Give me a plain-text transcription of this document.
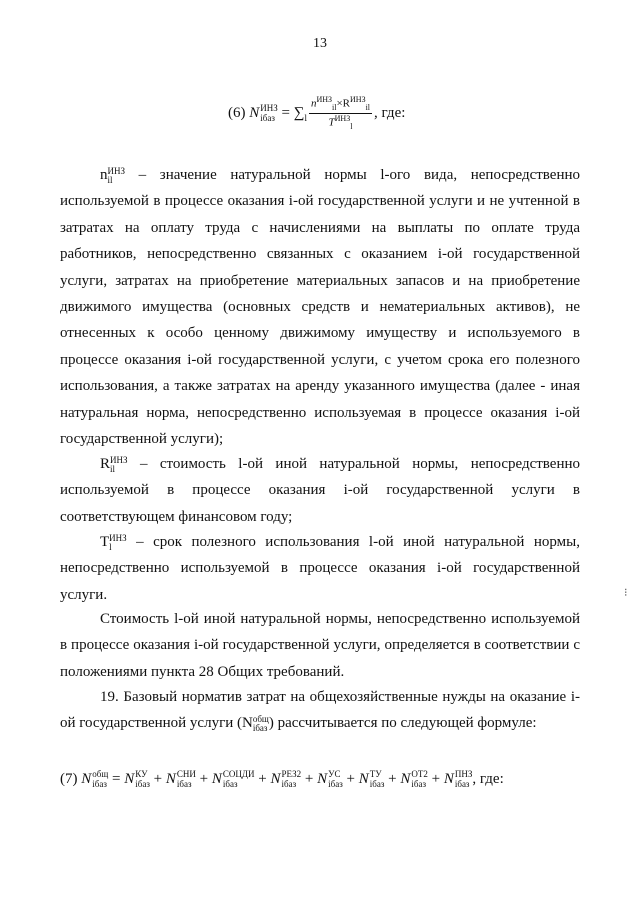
13
(6) N ИНЗ
iбаз = $\sum_l \frac{n^{ИНЗ}_{il}\times R^{ИНЗ}_{il}}{T^{ИНЗ}_l}$ , где:
n ИНЗ
il – значение натуральной нормы l-ого вида, непосредственно используемой в процессе оказания i-ой государственной услуги и не учтенной в затратах на оплату труда с начислениями на выплаты по оплате труда работников, непосредственно связанных с оказанием i-ой государственной услуги, затратах на приобретение материальных запасов и на приобретение движимого имущества (основных средств и нематериальных активов), не отнесенных к особо ценному движимому имуществу и используемого в процессе оказания i-ой государственной услуги, с учетом срока его полезного использования, а также затратах на аренду указанного имущества (далее - иная натуральная норма, непосредственно используемая в процессе оказания i-ой государственной услуги);
R ИНЗ
il – стоимость l-ой иной натуральной нормы, непосредственно используемой в процессе оказания i-ой государственной услуги в соответствующем финансовом году;
T ИНЗ
l	– срок полезного использования l-ой иной натуральной нормы, непосредственно используемой в процессе оказания i-ой государственной услуги.
Стоимость l-ой иной натуральной нормы, непосредственно используемой в процессе оказания i-ой государственной услуги, определяется в соответствии с положениями пункта 28 Общих требований.
19. Базовый норматив затрат на общехозяйственные нужды на оказание i-ой государственной услуги (N общ
iбаз ) рассчитывается по следующей формуле:
(7) N общ
iбаз = N КУ
iбаз + N СНИ
iбаз + N СОЦДИ
iбаз	+ N РЕЗ2
iбаз + N УС
iбаз + N ТУ
iбаз + N ОТ2
iбаз + N ПНЗ
iбаз , где:
⁝
